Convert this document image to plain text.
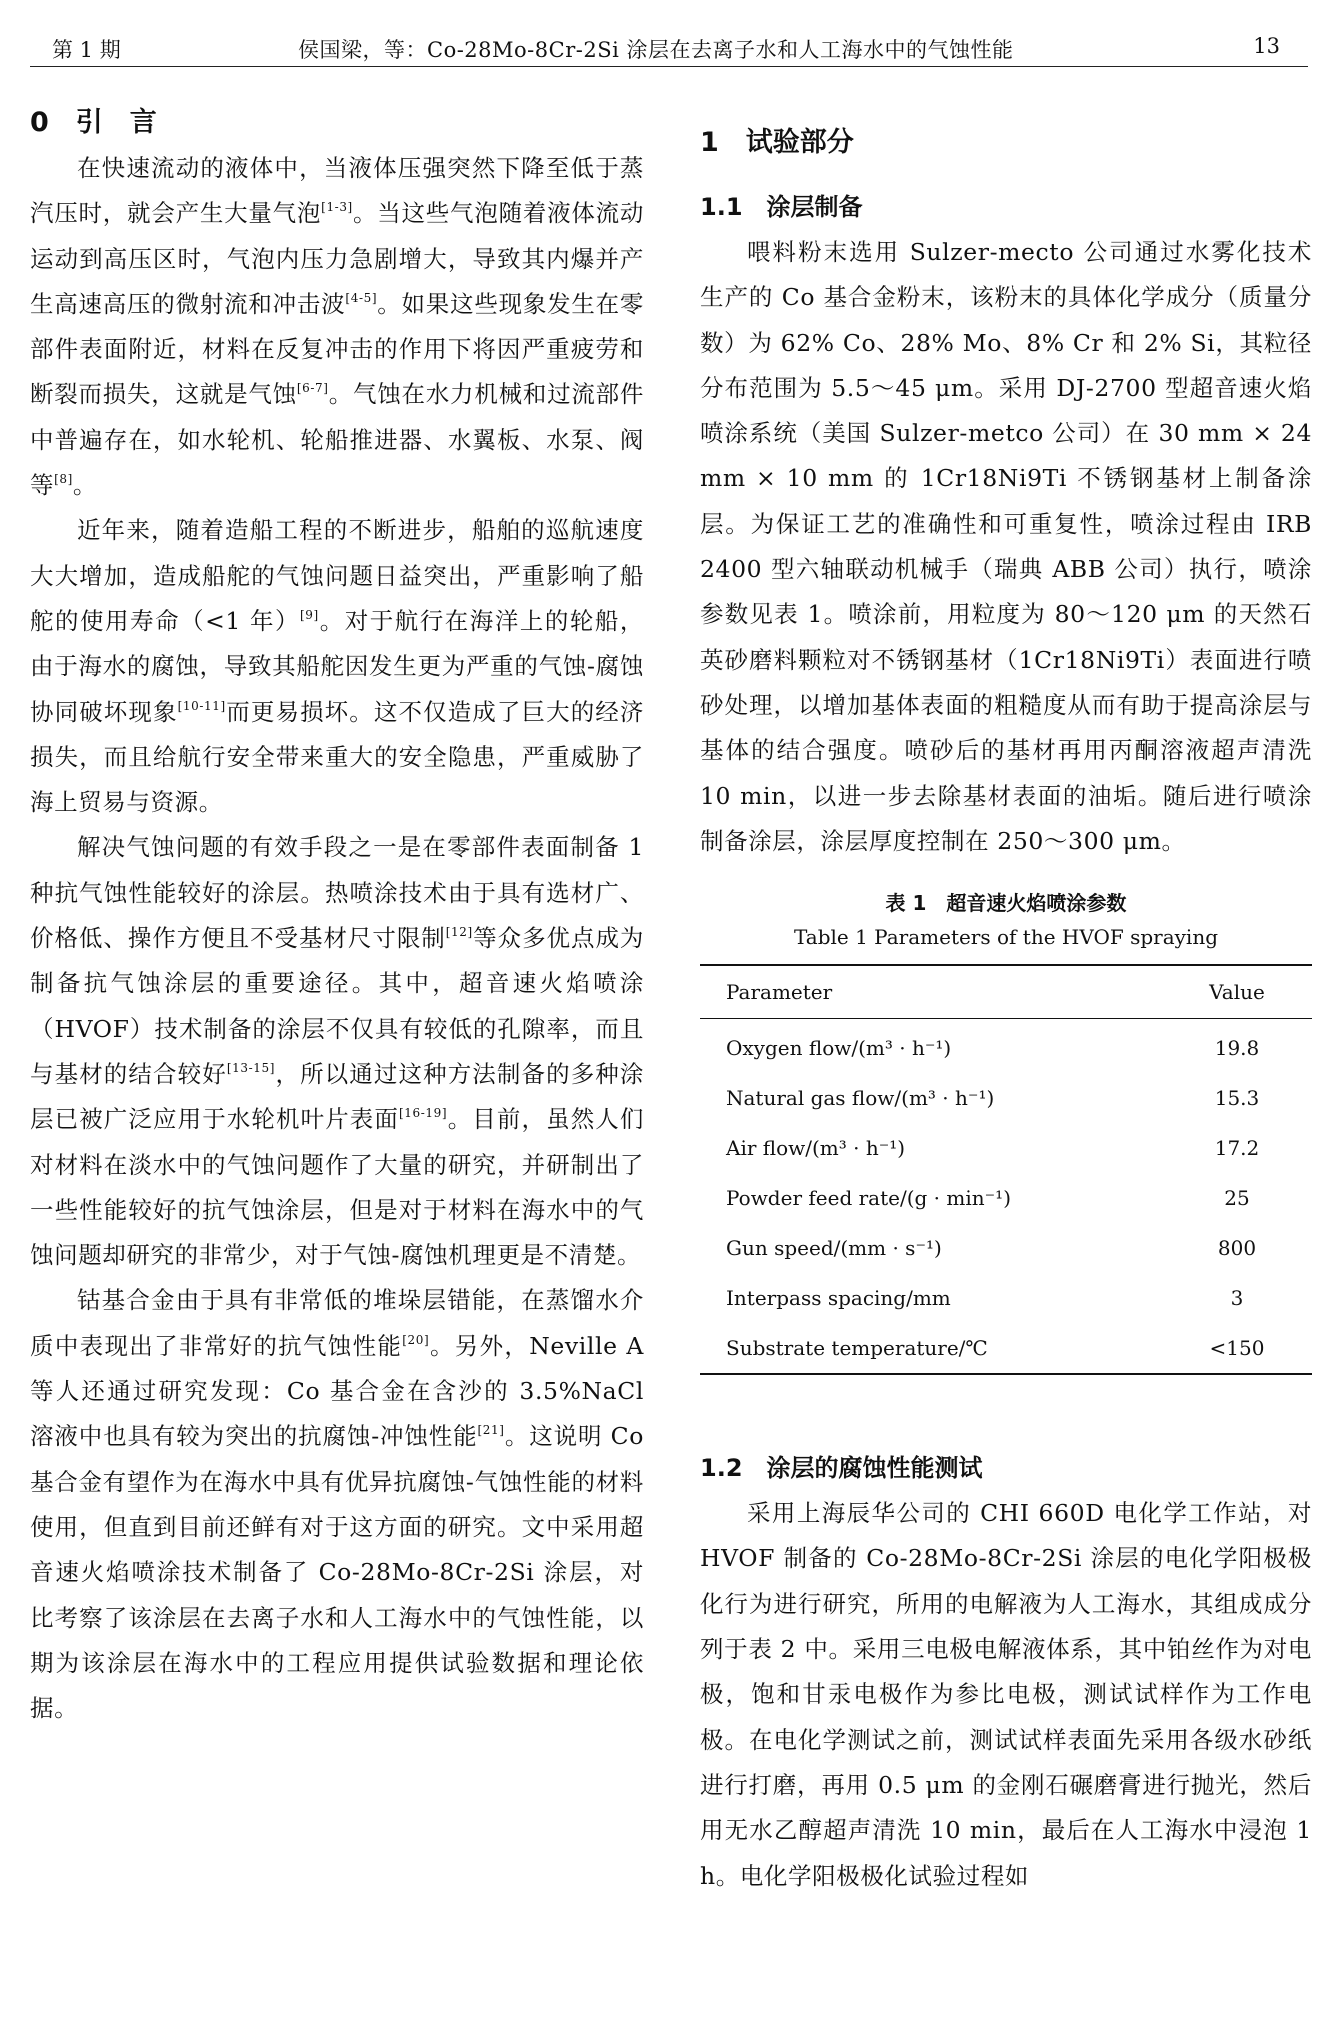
第 1 期	侯国梁，等：Co-28Mo-8Cr-2Si 涂层在去离子水和人工海水中的气蚀性能	13
0　引　言

在快速流动的液体中，当液体压强突然下降至低于蒸汽压时，就会产生大量气泡[1-3]。当这些气泡随着液体流动运动到高压区时，气泡内压力急剧增大，导致其内爆并产生高速高压的微射流和冲击波[4-5]。如果这些现象发生在零部件表面附近，材料在反复冲击的作用下将因严重疲劳和断裂而损失，这就是气蚀[6-7]。气蚀在水力机械和过流部件中普遍存在，如水轮机、轮船推进器、水翼板、水泵、阀等[8]。

近年来，随着造船工程的不断进步，船舶的巡航速度大大增加，造成船舵的气蚀问题日益突出，严重影响了船舵的使用寿命（<1 年）[9]。对于航行在海洋上的轮船，由于海水的腐蚀，导致其船舵因发生更为严重的气蚀-腐蚀协同破坏现象[10-11]而更易损坏。这不仅造成了巨大的经济损失，而且给航行安全带来重大的安全隐患，严重威胁了海上贸易与资源。

解决气蚀问题的有效手段之一是在零部件表面制备 1 种抗气蚀性能较好的涂层。热喷涂技术由于具有选材广、价格低、操作方便且不受基材尺寸限制[12]等众多优点成为制备抗气蚀涂层的重要途径。其中，超音速火焰喷涂（HVOF）技术制备的涂层不仅具有较低的孔隙率，而且与基材的结合较好[13-15]，所以通过这种方法制备的多种涂层已被广泛应用于水轮机叶片表面[16-19]。目前，虽然人们对材料在淡水中的气蚀问题作了大量的研究，并研制出了一些性能较好的抗气蚀涂层，但是对于材料在海水中的气蚀问题却研究的非常少，对于气蚀-腐蚀机理更是不清楚。

钴基合金由于具有非常低的堆垛层错能，在蒸馏水介质中表现出了非常好的抗气蚀性能[20]。另外，Neville A 等人还通过研究发现：Co 基合金在含沙的 3.5%NaCl 溶液中也具有较为突出的抗腐蚀-冲蚀性能[21]。这说明 Co 基合金有望作为在海水中具有优异抗腐蚀-气蚀性能的材料使用，但直到目前还鲜有对于这方面的研究。文中采用超音速火焰喷涂技术制备了 Co-28Mo-8Cr-2Si 涂层，对比考察了该涂层在去离子水和人工海水中的气蚀性能，以期为该涂层在海水中的工程应用提供试验数据和理论依据。

1　试验部分
1.1　涂层制备

喂料粉末选用 Sulzer-mecto 公司通过水雾化技术生产的 Co 基合金粉末，该粉末的具体化学成分（质量分数）为 62% Co、28% Mo、8% Cr 和 2% Si，其粒径分布范围为 5.5～45 μm。采用 DJ-2700 型超音速火焰喷涂系统（美国 Sulzer-metco 公司）在 30 mm × 24 mm × 10 mm 的 1Cr18Ni9Ti 不锈钢基材上制备涂层。为保证工艺的准确性和可重复性，喷涂过程由 IRB 2400 型六轴联动机械手（瑞典 ABB 公司）执行，喷涂参数见表 1。喷涂前，用粒度为 80～120 μm 的天然石英砂磨料颗粒对不锈钢基材（1Cr18Ni9Ti）表面进行喷砂处理，以增加基体表面的粗糙度从而有助于提高涂层与基体的结合强度。喷砂后的基材再用丙酮溶液超声清洗 10 min，以进一步去除基材表面的油垢。随后进行喷涂制备涂层，涂层厚度控制在 250～300 μm。

表 1　超音速火焰喷涂参数
Table 1 Parameters of the HVOF spraying
Parameter	Value
Oxygen flow/(m³ · h⁻¹)	19.8
Natural gas flow/(m³ · h⁻¹)	15.3
Air flow/(m³ · h⁻¹)	17.2
Powder feed rate/(g · min⁻¹)	25
Gun speed/(mm · s⁻¹)	800
Interpass spacing/mm	3
Substrate temperature/℃	<150
1.2　涂层的腐蚀性能测试

采用上海辰华公司的 CHI 660D 电化学工作站，对 HVOF 制备的 Co-28Mo-8Cr-2Si 涂层的电化学阳极极化行为进行研究，所用的电解液为人工海水，其组成成分列于表 2 中。采用三电极电解液体系，其中铂丝作为对电极，饱和甘汞电极作为参比电极，测试试样作为工作电极。在电化学测试之前，测试试样表面先采用各级水砂纸进行打磨，再用 0.5 μm 的金刚石碾磨膏进行抛光，然后用无水乙醇超声清洗 10 min，最后在人工海水中浸泡 1 h。电化学阳极极化试验过程如
